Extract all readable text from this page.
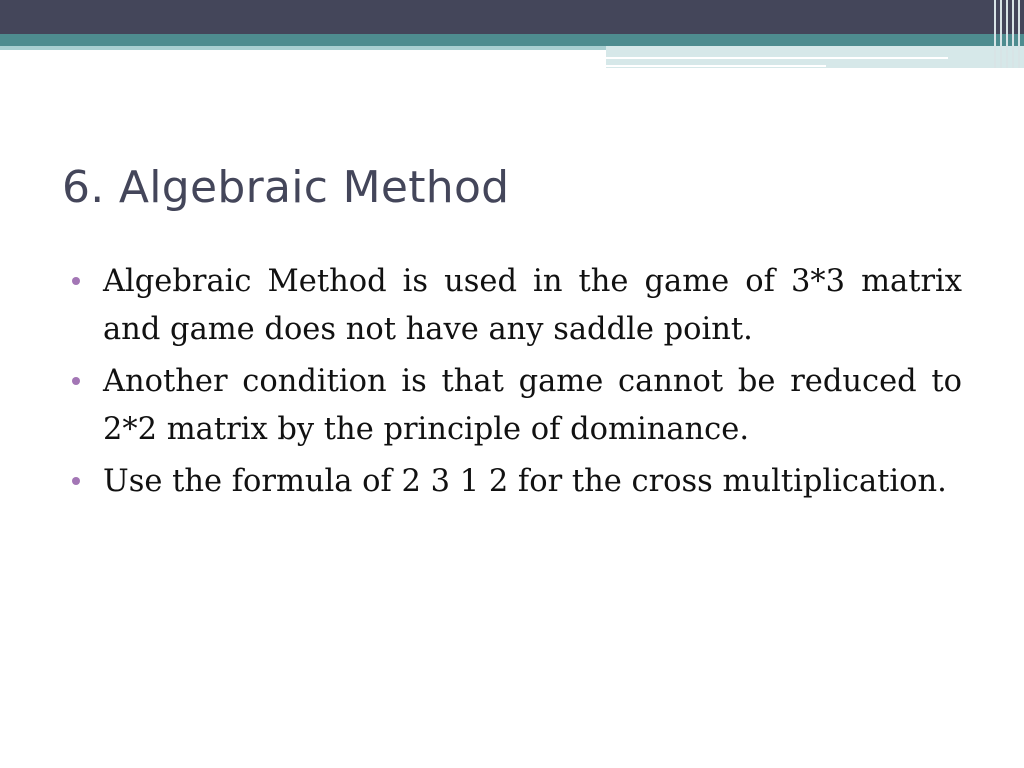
6. Algebraic Method
Algebraic Method is used in the game of 3*3 matrix and game does not have any saddle point.
Another condition is that game cannot be reduced to 2*2 matrix by the principle of dominance.
Use the formula of 2 3 1 2 for the cross multiplication.
